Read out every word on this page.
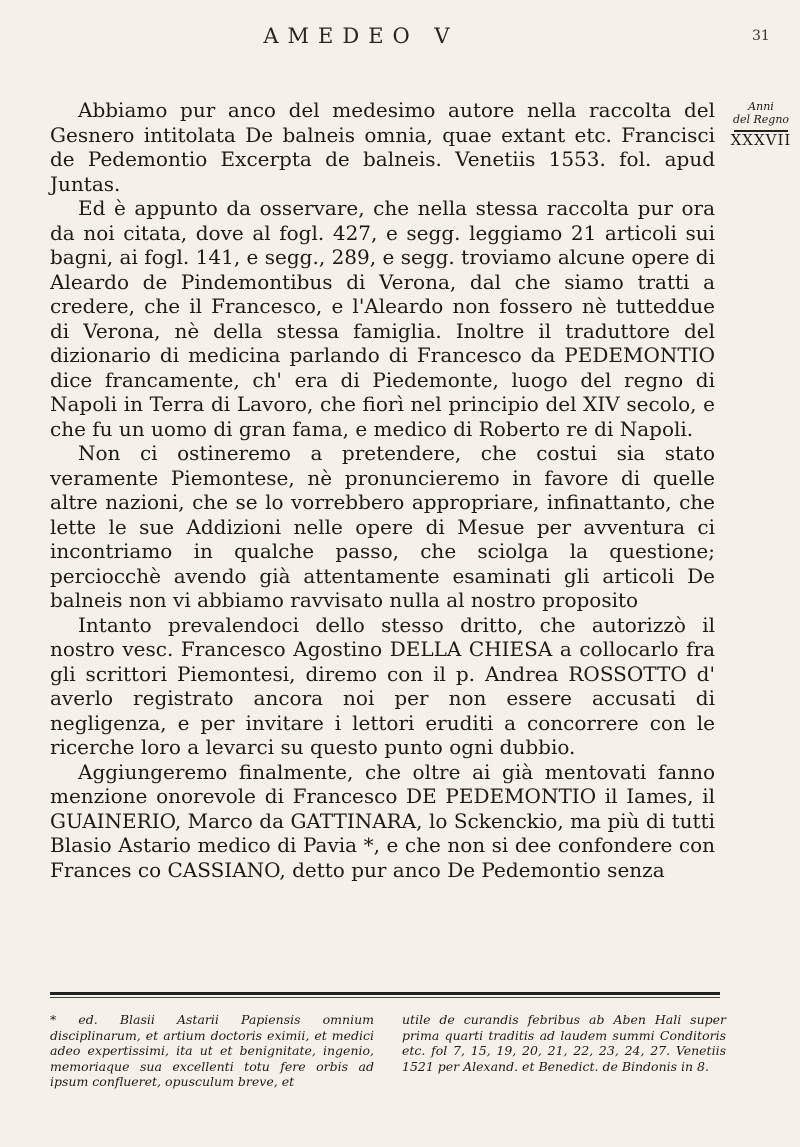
AMEDEO V	31
Anni
del Regno
XXXVII

Abbiamo pur anco del medesimo autore nella raccolta del Gesnero intitolata De balneis omnia, quae extant etc. Francisci de Pedemontio Excerpta de balneis. Venetiis 1553. fol. apud Juntas.

Ed è appunto da osservare, che nella stessa raccolta pur ora da noi citata, dove al fogl. 427, e segg. leggiamo 21 articoli sui bagni, ai fogl. 141, e segg., 289, e segg. troviamo alcune opere di Aleardo de Pindemontibus di Verona, dal che siamo tratti a credere, che il Francesco, e l'Aleardo non fossero nè tutteddue di Verona, nè della stessa famiglia. Inoltre il traduttore del dizionario di medicina parlando di Francesco da PEDEMONTIO dice francamente, ch' era di Piedemonte, luogo del regno di Napoli in Terra di Lavoro, che fiorì nel principio del XIV secolo, e che fu un uomo di gran fama, e medico di Roberto re di Napoli.

Non ci ostineremo a pretendere, che costui sia stato veramente Piemontese, nè pronuncieremo in favore di quelle altre nazioni, che se lo vorrebbero appropriare, infinattanto, che lette le sue Addizioni nelle opere di Mesue per avventura ci incontriamo in qualche passo, che sciolga la questione; perciocchè avendo già attentamente esaminati gli articoli De balneis non vi abbiamo ravvisato nulla al nostro proposito

Intanto prevalendoci dello stesso dritto, che autorizzò il nostro vesc. Francesco Agostino DELLA CHIESA a collocarlo fra gli scrittori Piemontesi, diremo con il p. Andrea ROSSOTTO d' averlo registrato ancora noi per non essere accusati di negligenza, e per invitare i lettori eruditi a concorrere con le ricerche loro a levarci su questo punto ogni dubbio.

Aggiungeremo finalmente, che oltre ai già mentovati fanno menzione onorevole di Francesco DE PEDEMONTIO il Iames, il GUAINERIO, Marco da GATTINARA, lo Sckenckio, ma più di tutti Blasio Astario medico di Pavia *, e che non si dee confondere con Frances co CASSIANO, detto pur anco De Pedemontio senza

* ed. Blasii Astarii Papiensis omnium disciplinarum, et artium doctoris eximii, et medici adeo expertissimi, ita ut et benignitate, ingenio, memoriaque sua excellenti totu fere orbis ad ipsum conflueret, opusculum breve, et
utile de curandis febribus ab Aben Hali super prima quarti traditis ad laudem summi Conditoris etc. fol 7, 15, 19, 20, 21, 22, 23, 24, 27. Venetiis 1521 per Alexand. et Benedict. de Bindonis in 8.
